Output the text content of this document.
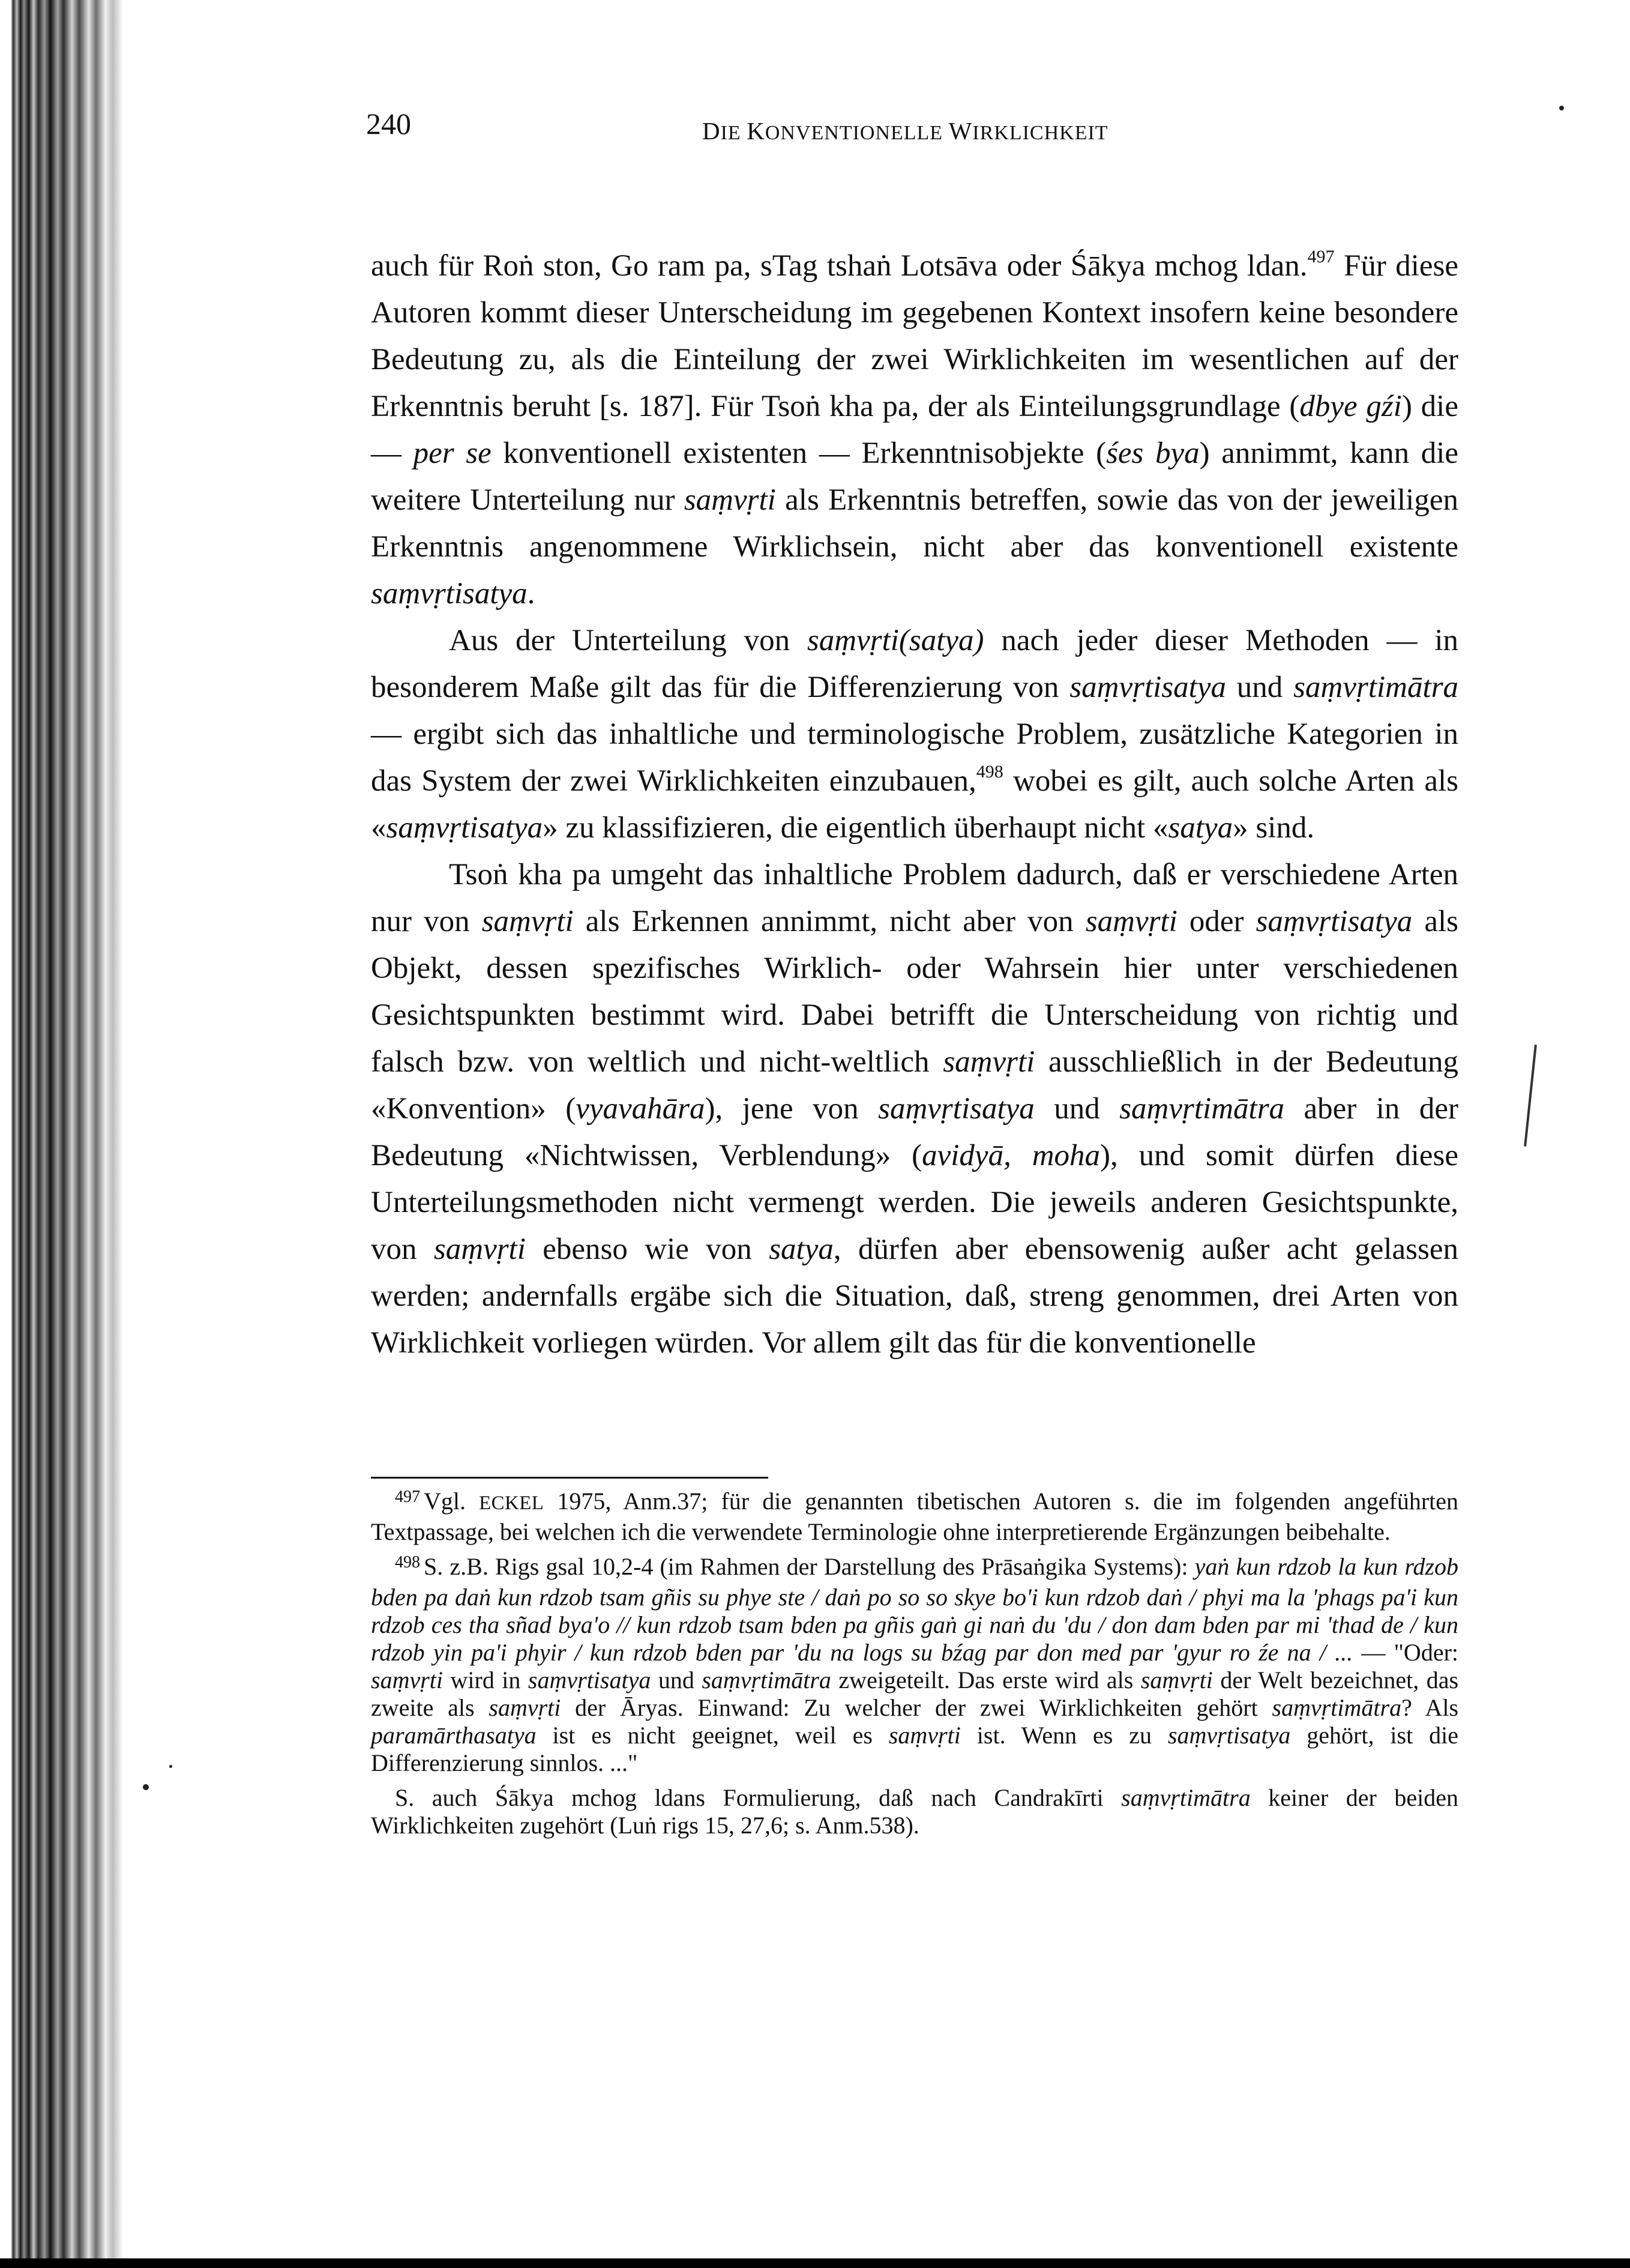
240	DIE KONVENTIONELLE WIRKLICHKEIT

auch für Roṅ ston, Go ram pa, sTag tshaṅ Lotsāva oder Śākya mchog ldan.$^{497}$ Für diese Autoren kommt dieser Unterscheidung im gegebenen Kontext insofern keine besondere Bedeutung zu, als die Einteilung der zwei Wirklichkeiten im wesentlichen auf der Erkenntnis beruht [s. 187]. Für Tsoṅ kha pa, der als Einteilungsgrundlage (dbye gźi) die — per se konventionell existenten — Erkenntnisobjekte (śes bya) annimmt, kann die weitere Unterteilung nur saṃvṛti als Erkenntnis betreffen, sowie das von der jeweiligen Erkenntnis angenommene Wirklichsein, nicht aber das konventionell existente saṃvṛtisatya.

Aus der Unterteilung von saṃvṛti(satya) nach jeder dieser Methoden — in besonderem Maße gilt das für die Differenzierung von saṃvṛtisatya und saṃvṛtimātra — ergibt sich das inhaltliche und terminologische Problem, zusätzliche Kategorien in das System der zwei Wirklichkeiten einzubauen,$^{498}$ wobei es gilt, auch solche Arten als «saṃvṛtisatya» zu klassifizieren, die eigentlich überhaupt nicht «satya» sind.

Tsoṅ kha pa umgeht das inhaltliche Problem dadurch, daß er verschiedene Arten nur von saṃvṛti als Erkennen annimmt, nicht aber von saṃvṛti oder saṃvṛtisatya als Objekt, dessen spezifisches Wirklich- oder Wahrsein hier unter verschiedenen Gesichtspunkten bestimmt wird. Dabei betrifft die Unterscheidung von richtig und falsch bzw. von weltlich und nicht-weltlich saṃvṛti ausschließlich in der Bedeutung «Konvention» (vyavahāra), jene von saṃvṛtisatya und saṃvṛtimātra aber in der Bedeutung «Nichtwissen, Verblendung» (avidyā, moha), und somit dürfen diese Unterteilungsmethoden nicht vermengt werden. Die jeweils anderen Gesichtspunkte, von saṃvṛti ebenso wie von satya, dürfen aber ebensowenig außer acht gelassen werden; andernfalls ergäbe sich die Situation, daß, streng genommen, drei Arten von Wirklichkeit vorliegen würden. Vor allem gilt das für die konventionelle

$^{497}$ Vgl. ECKEL 1975, Anm.37; für die genannten tibetischen Autoren s. die im folgenden angeführten Textpassage, bei welchen ich die verwendete Terminologie ohne interpretierende Ergänzungen beibehalte.

$^{498}$ S. z.B. Rigs gsal 10,2-4 (im Rahmen der Darstellung des Prāsaṅgika Systems): yaṅ kun rdzob la kun rdzob bden pa daṅ kun rdzob tsam gñis su phye ste / daṅ po so so skye bo'i kun rdzob daṅ / phyi ma la 'phags pa'i kun rdzob ces tha sñad bya'o // kun rdzob tsam bden pa gñis gaṅ gi naṅ du 'du / don dam bden par mi 'thad de / kun rdzob yin pa'i phyir / kun rdzob bden par 'du na logs su bźag par don med par 'gyur ro źe na / ... — "Oder: saṃvṛti wird in saṃvṛtisatya und saṃvṛtimātra zweigeteilt. Das erste wird als saṃvṛti der Welt bezeichnet, das zweite als saṃvṛti der Āryas. Einwand: Zu welcher der zwei Wirklichkeiten gehört saṃvṛtimātra? Als paramārthasatya ist es nicht geeignet, weil es saṃvṛti ist. Wenn es zu saṃvṛtisatya gehört, ist die Differenzierung sinnlos. ..."

S. auch Śākya mchog ldans Formulierung, daß nach Candrakīrti saṃvṛtimātra keiner der beiden Wirklichkeiten zugehört (Luṅ rigs 15, 27,6; s. Anm.538).
